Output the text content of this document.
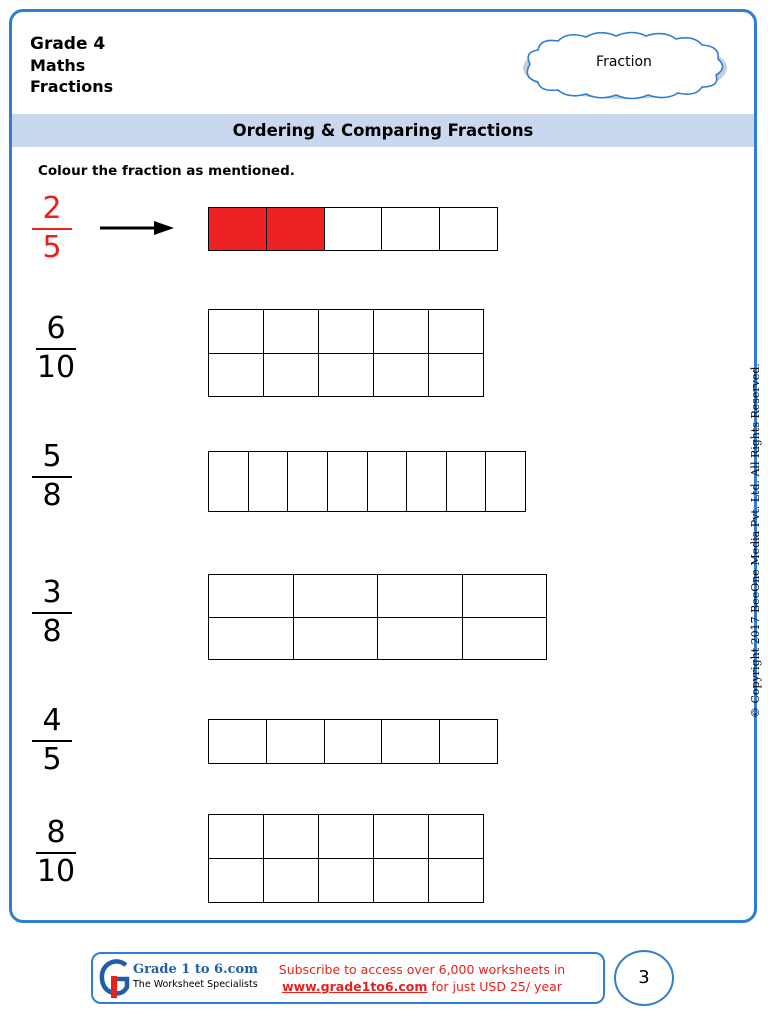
Grade 4
Maths
Fractions
Fraction
Ordering & Comparing Fractions
Colour the fraction as mentioned.
2
5
6
10
5
8
3
8
4
5
8
10
© Copyright 2017 BeeOne Media Pvt. Ltd. All Rights Reserved.
Grade 1 to 6.com
The Worksheet Specialists
Subscribe to access over 6,000 worksheets in
www.grade1to6.com for just USD 25/ year	3
